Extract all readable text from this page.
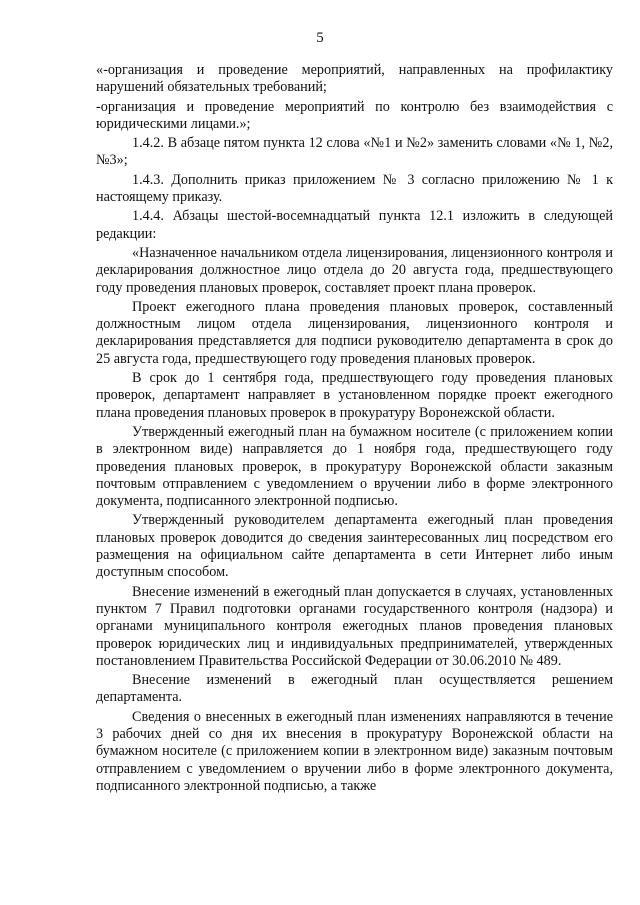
5

«-организация и проведение мероприятий, направленных на профилактику нарушений обязательных требований;

-организация и проведение мероприятий по контролю без взаимодействия с юридическими лицами.»;

1.4.2. В абзаце пятом пункта 12 слова «№1 и №2» заменить словами «№ 1, №2, №3»;

1.4.3. Дополнить приказ приложением № 3 согласно приложению № 1 к настоящему приказу.

1.4.4. Абзацы шестой-восемнадцатый пункта 12.1 изложить в следующей редакции:

«Назначенное начальником отдела лицензирования, лицензионного контроля и декларирования должностное лицо отдела до 20 августа года, предшествующего году проведения плановых проверок, составляет проект плана проверок.

Проект ежегодного плана проведения плановых проверок, составленный должностным лицом отдела лицензирования, лицензионного контроля и декларирования представляется для подписи руководителю департамента в срок до 25 августа года, предшествующего году проведения плановых проверок.

В срок до 1 сентября года, предшествующего году проведения плановых проверок, департамент направляет в установленном порядке проект ежегодного плана проведения плановых проверок в прокуратуру Воронежской области.

Утвержденный ежегодный план на бумажном носителе (с приложением копии в электронном виде) направляется до 1 ноября года, предшествующего году проведения плановых проверок, в прокуратуру Воронежской области заказным почтовым отправлением с уведомлением о вручении либо в форме электронного документа, подписанного электронной подписью.

Утвержденный руководителем департамента ежегодный план проведения плановых проверок доводится до сведения заинтересованных лиц посредством его размещения на официальном сайте департамента в сети Интернет либо иным доступным способом.

Внесение изменений в ежегодный план допускается в случаях, установленных пунктом 7 Правил подготовки органами государственного контроля (надзора) и органами муниципального контроля ежегодных планов проведения плановых проверок юридических лиц и индивидуальных предпринимателей, утвержденных постановлением Правительства Российской Федерации от 30.06.2010 № 489.

Внесение изменений в ежегодный план осуществляется решением департамента.

Сведения о внесенных в ежегодный план изменениях направляются в течение 3 рабочих дней со дня их внесения в прокуратуру Воронежской области на бумажном носителе (с приложением копии в электронном виде) заказным почтовым отправлением с уведомлением о вручении либо в форме электронного документа, подписанного электронной подписью, а также
